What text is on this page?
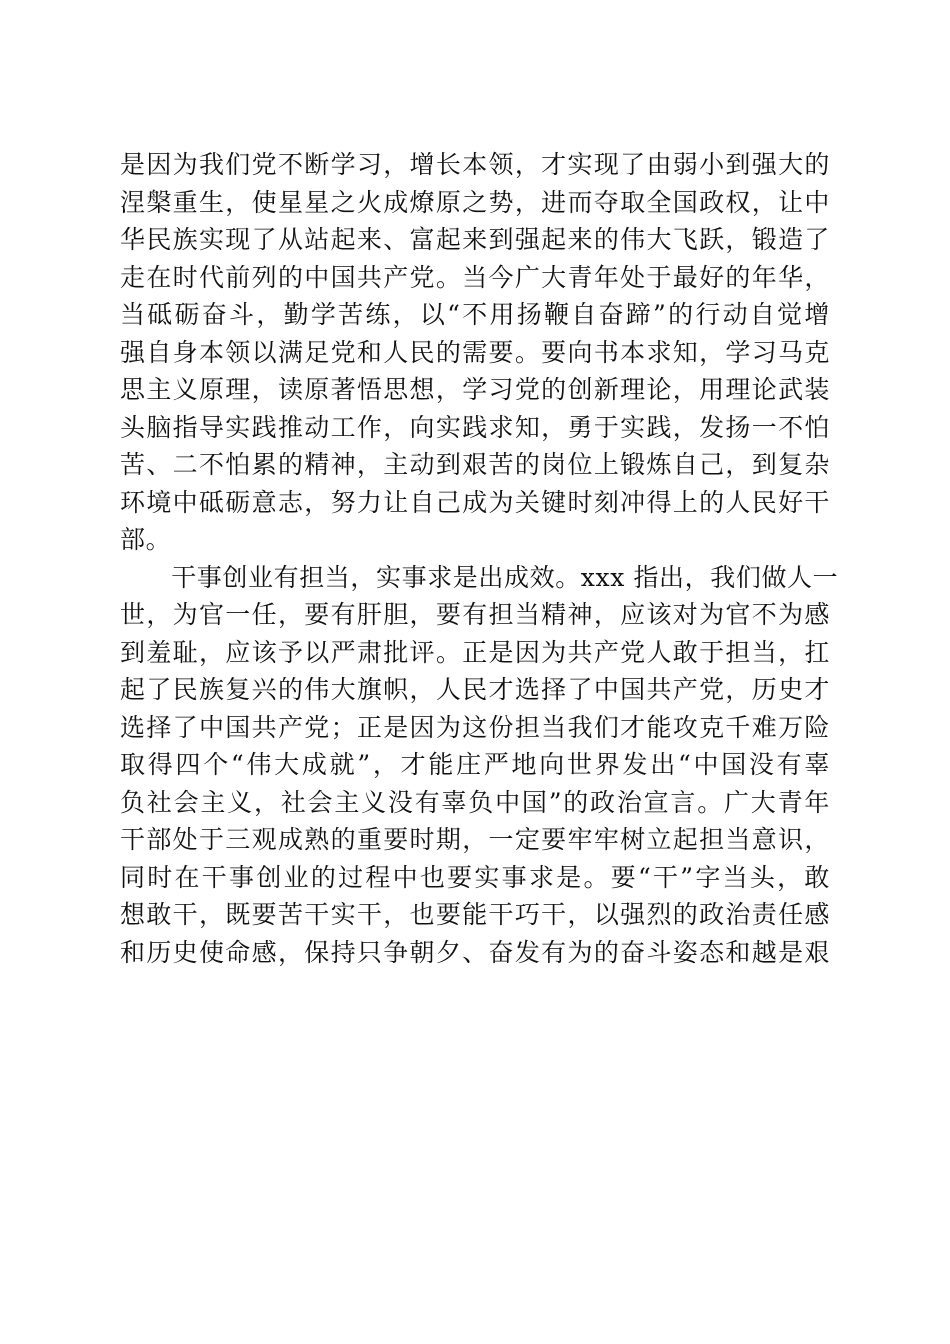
是因为我们党不断学习，增长本领，才实现了由弱小到强大的
涅槃重生，使星星之火成燎原之势，进而夺取全国政权，让中
华民族实现了从站起来、富起来到强起来的伟大飞跃，锻造了
走在时代前列的中国共产党。当今广大青年处于最好的年华，
当砥砺奋斗，勤学苦练，以“不用扬鞭自奋蹄”的行动自觉增
强自身本领以满足党和人民的需要。要向书本求知，学习马克
思主义原理，读原著悟思想，学习党的创新理论，用理论武装
头脑指导实践推动工作，向实践求知，勇于实践，发扬一不怕
苦、二不怕累的精神，主动到艰苦的岗位上锻炼自己，到复杂
环境中砥砺意志，努力让自己成为关键时刻冲得上的人民好干
部。
　　干事创业有担当，实事求是出成效。xxx 指出，我们做人一
世，为官一任，要有肝胆，要有担当精神，应该对为官不为感
到羞耻，应该予以严肃批评。正是因为共产党人敢于担当，扛
起了民族复兴的伟大旗帜，人民才选择了中国共产党，历史才
选择了中国共产党；正是因为这份担当我们才能攻克千难万险
取得四个“伟大成就”，才能庄严地向世界发出“中国没有辜
负社会主义，社会主义没有辜负中国”的政治宣言。广大青年
干部处于三观成熟的重要时期，一定要牢牢树立起担当意识，
同时在干事创业的过程中也要实事求是。要“干”字当头，敢
想敢干，既要苦干实干，也要能干巧干，以强烈的政治责任感
和历史使命感，保持只争朝夕、奋发有为的奋斗姿态和越是艰
